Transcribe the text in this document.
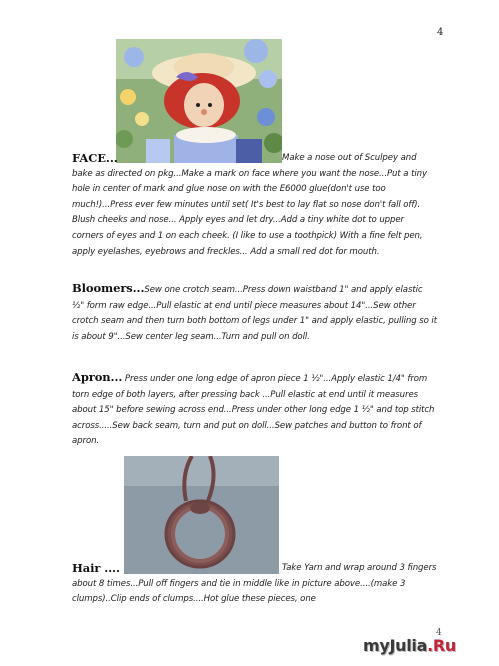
4

FACE...	Make a nose out of Sculpey and bake as directed on pkg...Make a mark on face where you want the nose...Put a tiny hole in center of mark and glue nose on with the E6000 glue(don't use too much!)...Press ever few minutes until set( It's best to lay flat so nose don't fall off). Blush cheeks and nose... Apply eyes and let dry...Add a tiny white dot to upper corners of eyes and 1 on each cheek. (I like to use a toothpick) With a fine felt pen, apply eyelashes, eyebrows and freckles... Add a small red dot for mouth.

Bloomers...Sew one crotch seam...Press down waistband 1" and apply elastic ½" form raw edge...Pull elastic at end until piece measures about 14"...Sew other crotch seam and then turn both bottom of legs under 1" and apply elastic, pulling so it is about 9"...Sew center leg seam...Turn and pull on doll.

Apron... Press under one long edge of apron piece 1 ½"...Apply elastic 1/4" from torn edge of both layers, after pressing back ...Pull elastic at end until it measures about 15" before sewing across end...Press under other long edge 1 ½" and top stitch across.....Sew back seam, turn and put on doll...Sew patches and button to front of apron.

Hair ....	Take Yarn and wrap around 3 fingers about 8 times...Pull off fingers and tie in middle like in picture above....(make 3 clumps)..Clip ends of clumps....Hot glue these pieces, one

4
myJulia.Ru
